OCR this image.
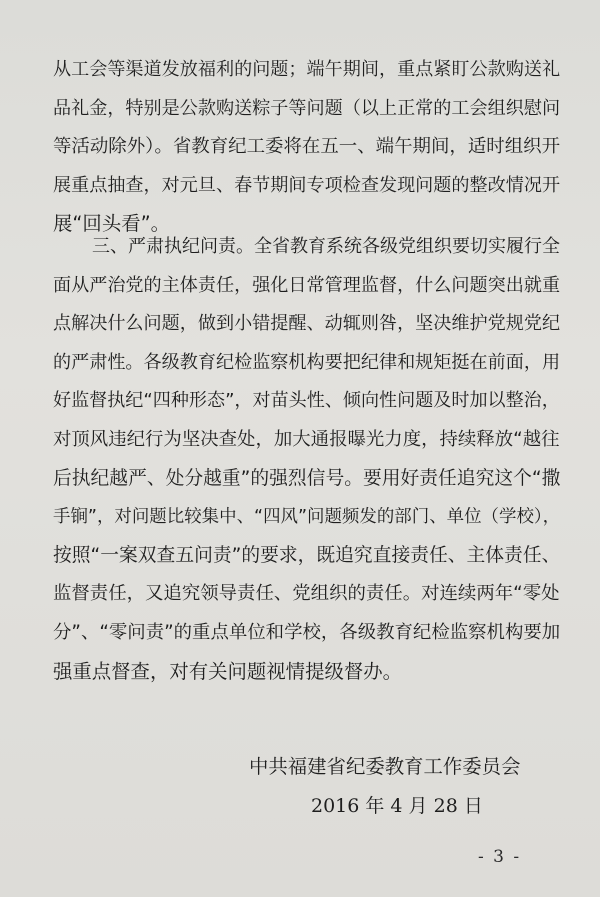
从工会等渠道发放福利的问题；端午期间，重点紧盯公款购送礼
品礼金，特别是公款购送粽子等问题（以上正常的工会组织慰问
等活动除外）。省教育纪工委将在五一、端午期间，适时组织开
展重点抽查，对元旦、春节期间专项检查发现问题的整改情况开
展“回头看”。
三、严肃执纪问责。全省教育系统各级党组织要切实履行全
面从严治党的主体责任，强化日常管理监督，什么问题突出就重
点解决什么问题，做到小错提醒、动辄则咎，坚决维护党规党纪
的严肃性。各级教育纪检监察机构要把纪律和规矩挺在前面，用
好监督执纪“四种形态”，对苗头性、倾向性问题及时加以整治，
对顶风违纪行为坚决查处，加大通报曝光力度，持续释放“越往
后执纪越严、处分越重”的强烈信号。要用好责任追究这个“撒
手锏”，对问题比较集中、“四风”问题频发的部门、单位（学校），
按照“一案双查五问责”的要求，既追究直接责任、主体责任、
监督责任，又追究领导责任、党组织的责任。对连续两年“零处
分”、“零问责”的重点单位和学校，各级教育纪检监察机构要加
强重点督查，对有关问题视情提级督办。
中共福建省纪委教育工作委员会
2016 年 4 月 28 日
- 3 -
